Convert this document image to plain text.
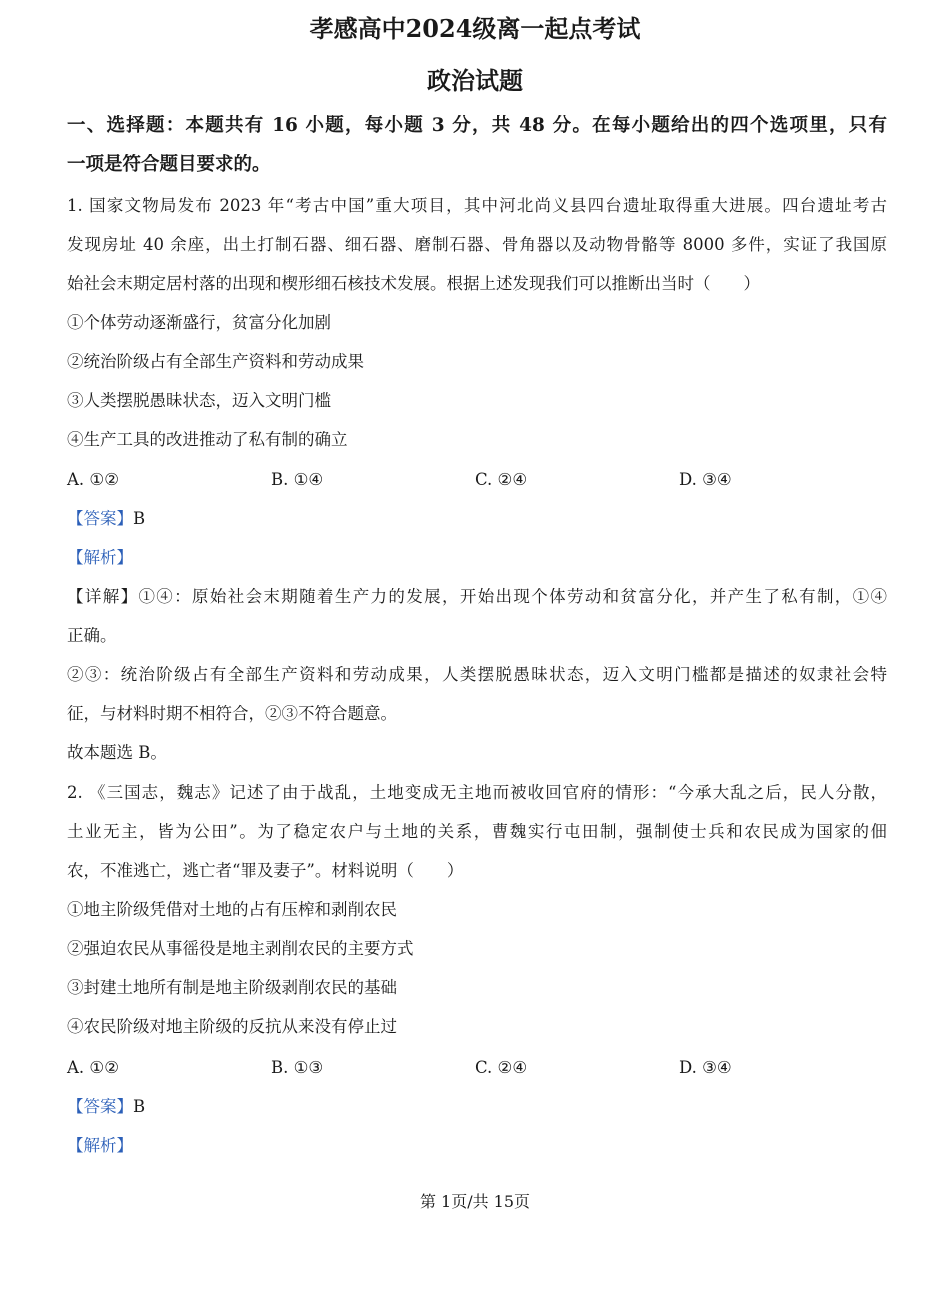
孝感高中2024级离一起点考试
政治试题
一、选择题：本题共有 16 小题，每小题 3 分，共 48 分。在每小题给出的四个选项里，只有
一项是符合题目要求的。
1. 国家文物局发布 2023 年“考古中国”重大项目，其中河北尚义县四台遗址取得重大进展。四台遗址考古
发现房址 40 余座，出土打制石器、细石器、磨制石器、骨角器以及动物骨骼等 8000 多件，实证了我国原
始社会末期定居村落的出现和楔形细石核技术发展。根据上述发现我们可以推断出当时（　　）
①个体劳动逐渐盛行，贫富分化加剧
②统治阶级占有全部生产资料和劳动成果
③人类摆脱愚昧状态，迈入文明门槛
④生产工具的改进推动了私有制的确立
A. ①②	B. ①④	C. ②④	D. ③④
【答案】B
【解析】
【详解】①④：原始社会末期随着生产力的发展，开始出现个体劳动和贫富分化，并产生了私有制，①④
正确。
②③：统治阶级占有全部生产资料和劳动成果，人类摆脱愚昧状态，迈入文明门槛都是描述的奴隶社会特
征，与材料时期不相符合，②③不符合题意。
故本题选 B。
2. 《三国志，魏志》记述了由于战乱，土地变成无主地而被收回官府的情形：“今承大乱之后，民人分散，
土业无主，皆为公田”。为了稳定农户与土地的关系，曹魏实行屯田制，强制使士兵和农民成为国家的佃
农，不准逃亡，逃亡者“罪及妻子”。材料说明（　　）
①地主阶级凭借对土地的占有压榨和剥削农民
②强迫农民从事徭役是地主剥削农民的主要方式
③封建土地所有制是地主阶级剥削农民的基础
④农民阶级对地主阶级的反抗从来没有停止过
A. ①②	B. ①③	C. ②④	D. ③④
【答案】B
【解析】
第 1页/共 15页
